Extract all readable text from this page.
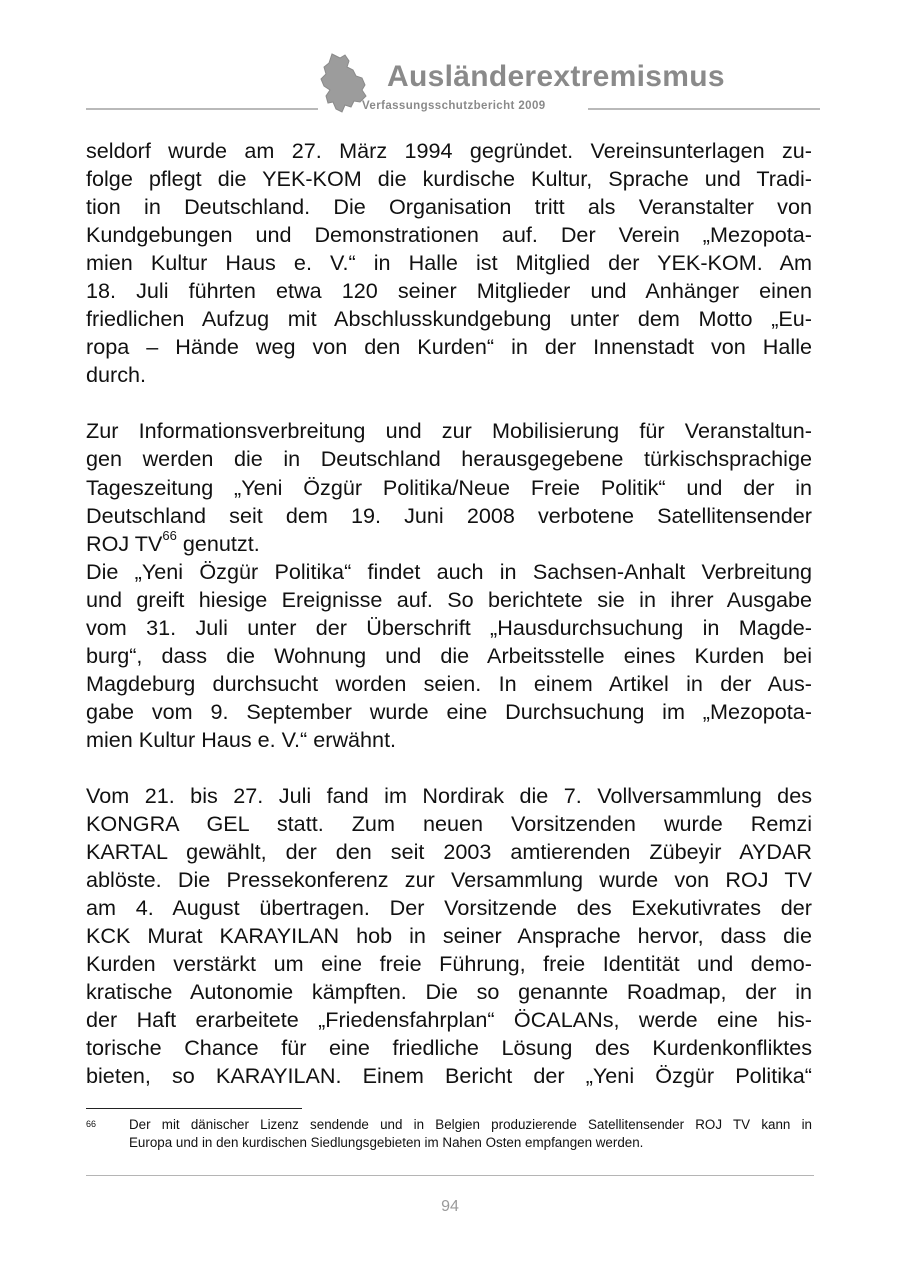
Ausländerextremismus
Verfassungsschutzbericht 2009

seldorf wurde am 27. März 1994 gegründet. Vereinsunterlagen zu-
folge pflegt die YEK-KOM die kurdische Kultur, Sprache und Tradi-
tion in Deutschland. Die Organisation tritt als Veranstalter von
Kundgebungen und Demonstrationen auf. Der Verein „Mezopota-
mien Kultur Haus e. V.“ in Halle ist Mitglied der YEK-KOM. Am
18. Juli führten etwa 120 seiner Mitglieder und Anhänger einen
friedlichen Aufzug mit Abschlusskundgebung unter dem Motto „Eu-
ropa – Hände weg von den Kurden“ in der Innenstadt von Halle
durch.

Zur Informationsverbreitung und zur Mobilisierung für Veranstaltun-
gen werden die in Deutschland herausgegebene türkischsprachige
Tageszeitung „Yeni Özgür Politika/Neue Freie Politik“ und der in
Deutschland seit dem 19. Juni 2008 verbotene Satellitensender
ROJ TV$^{66}$ genutzt.

Die „Yeni Özgür Politika“ findet auch in Sachsen-Anhalt Verbreitung
und greift hiesige Ereignisse auf. So berichtete sie in ihrer Ausgabe
vom 31. Juli unter der Überschrift „Hausdurchsuchung in Magde-
burg“, dass die Wohnung und die Arbeitsstelle eines Kurden bei
Magdeburg durchsucht worden seien. In einem Artikel in der Aus-
gabe vom 9. September wurde eine Durchsuchung im „Mezopota-
mien Kultur Haus e. V.“ erwähnt.

Vom 21. bis 27. Juli fand im Nordirak die 7. Vollversammlung des
KONGRA GEL statt. Zum neuen Vorsitzenden wurde Remzi
KARTAL gewählt, der den seit 2003 amtierenden Zübeyir AYDAR
ablöste. Die Pressekonferenz zur Versammlung wurde von ROJ TV
am 4. August übertragen. Der Vorsitzende des Exekutivrates der
KCK Murat KARAYILAN hob in seiner Ansprache hervor, dass die
Kurden verstärkt um eine freie Führung, freie Identität und demo-
kratische Autonomie kämpften. Die so genannte Roadmap, der in
der Haft erarbeitete „Friedensfahrplan“ ÖCALANs, werde eine his-
torische Chance für eine friedliche Lösung des Kurdenkonfliktes
bieten, so KARAYILAN. Einem Bericht der „Yeni Özgür Politika“

66 Der mit dänischer Lizenz sendende und in Belgien produzierende Satellitensender ROJ TV kann in
Europa und in den kurdischen Siedlungsgebieten im Nahen Osten empfangen werden.
94
